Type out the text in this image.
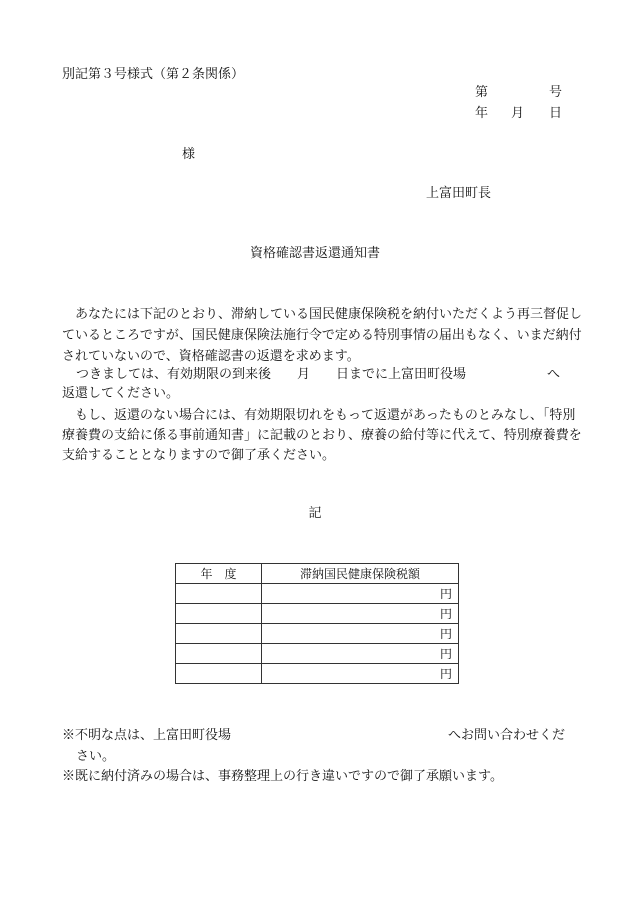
別記第３号様式（第２条関係）
第	号
年 月 日
様
上富田町長
資格確認書返還通知書
　あなたには下記のとおり、滞納している国民健康保険税を納付いただくよう再三督促し
ているところですが、国民健康保険法施行令で定める特別事情の届出もなく、いまだ納付
されていないので、資格確認書の返還を求めます。
つきましては、有効期限の到来後　　月　　日までに上富田町役場	へ
返還してください。
　もし、返還のない場合には、有効期限切れをもって返還があったものとみなし、「特別
療養費の支給に係る事前通知書」に記載のとおり、療養の給付等に代えて、特別療養費を
支給することとなりますので御了承ください。
記
年　度	滞納国民健康保険税額
	円
	円
	円
	円
	円
※不明な点は、上富田町役場	へお問い合わせくだ
さい。
※既に納付済みの場合は、事務整理上の行き違いですので御了承願います。
